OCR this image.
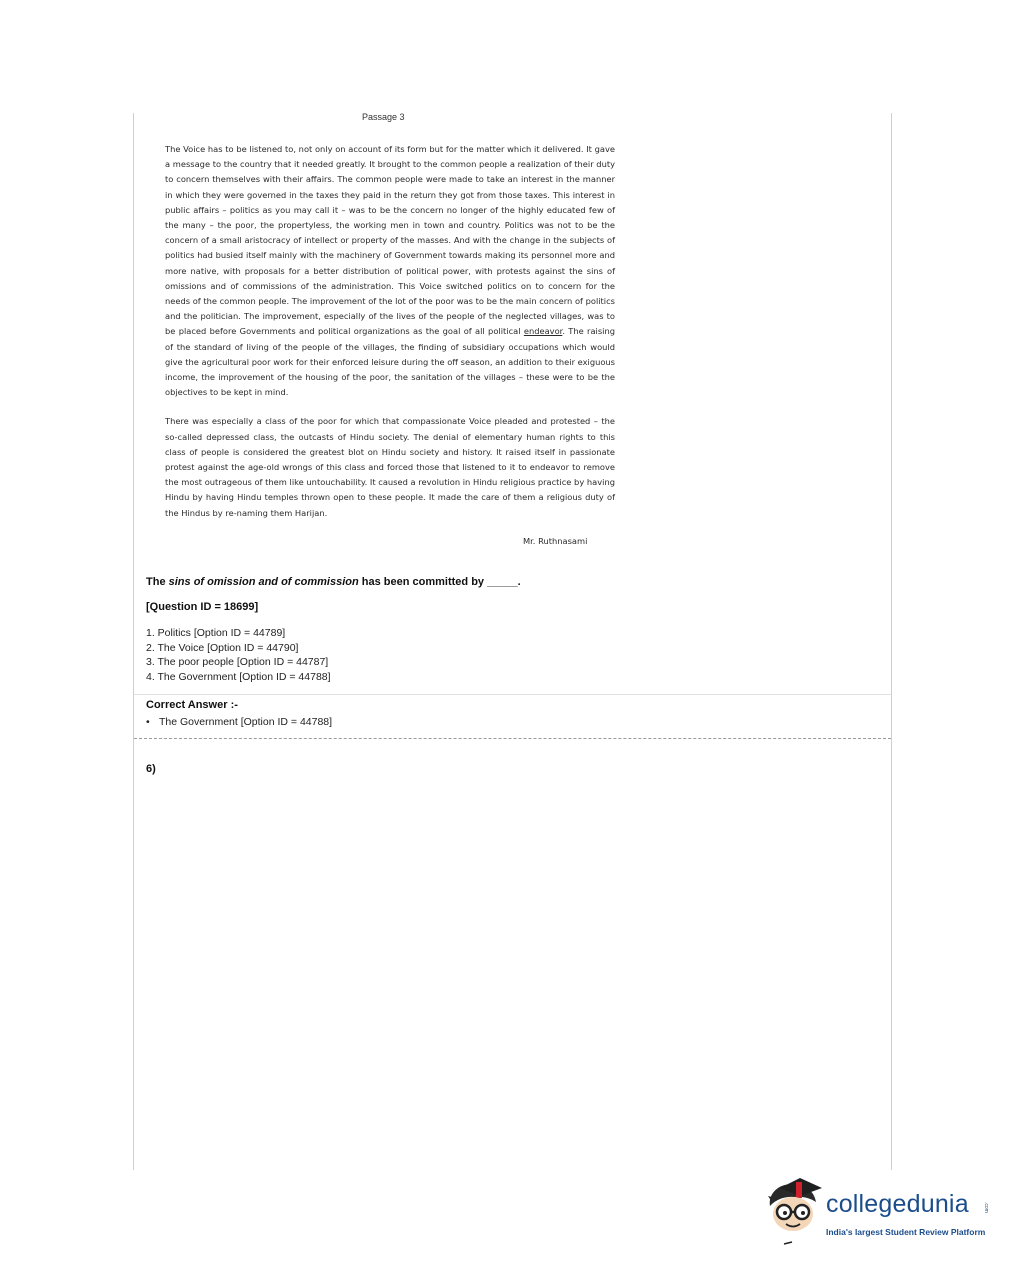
Passage 3

The Voice has to be listened to, not only on account of its form but for the matter which it delivered. It gave a message to the country that it needed greatly. It brought to the common people a realization of their duty to concern themselves with their affairs. The common people were made to take an interest in the manner in which they were governed in the taxes they paid in the return they got from those taxes. This interest in public affairs – politics as you may call it – was to be the concern no longer of the highly educated few of the many – the poor, the propertyless, the working men in town and country. Politics was not to be the concern of a small aristocracy of intellect or property of the masses. And with the change in the subjects of politics had busied itself mainly with the machinery of Government towards making its personnel more and more native, with proposals for a better distribution of political power, with protests against the sins of omissions and of commissions of the administration. This Voice switched politics on to concern for the needs of the common people. The improvement of the lot of the poor was to be the main concern of politics and the politician. The improvement, especially of the lives of the people of the neglected villages, was to be placed before Governments and political organizations as the goal of all political endeavor. The raising of the standard of living of the people of the villages, the finding of subsidiary occupations which would give the agricultural poor work for their enforced leisure during the off season, an addition to their exiguous income, the improvement of the housing of the poor, the sanitation of the villages – these were to be the objectives to be kept in mind.

There was especially a class of the poor for which that compassionate Voice pleaded and protested – the so-called depressed class, the outcasts of Hindu society. The denial of elementary human rights to this class of people is considered the greatest blot on Hindu society and history. It raised itself in passionate protest against the age-old wrongs of this class and forced those that listened to it to endeavor to remove the most outrageous of them like untouchability. It caused a revolution in Hindu religious practice by having Hindu by having Hindu temples thrown open to these people. It made the care of them a religious duty of the Hindus by re-naming them Harijan.

Mr. Ruthnasami
The sins of omission and of commission has been committed by _____.
[Question ID = 18699]
1. Politics [Option ID = 44789]
2. The Voice [Option ID = 44790]
3. The poor people [Option ID = 44787]
4. The Government [Option ID = 44788]
Correct Answer :-
• The Government [Option ID = 44788]
6)
collegedunia	.com
India's largest Student Review Platform
